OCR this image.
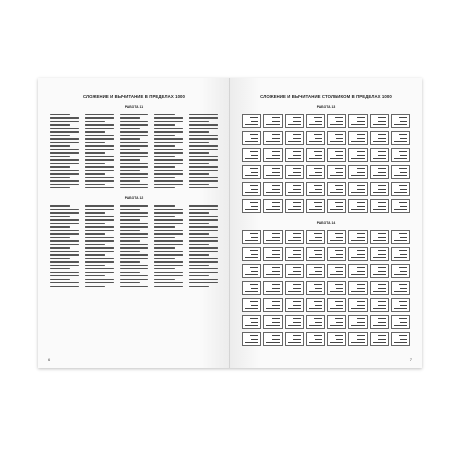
СЛОЖЕНИЕ И ВЫЧИТАНИЕ В ПРЕДЕЛАХ 1000
РАБОТА 11
РАБОТА 12
6
СЛОЖЕНИЕ И ВЫЧИТАНИЕ СТОЛБИКОМ В ПРЕДЕЛАХ 1000
РАБОТА 13
РАБОТА 14
7
